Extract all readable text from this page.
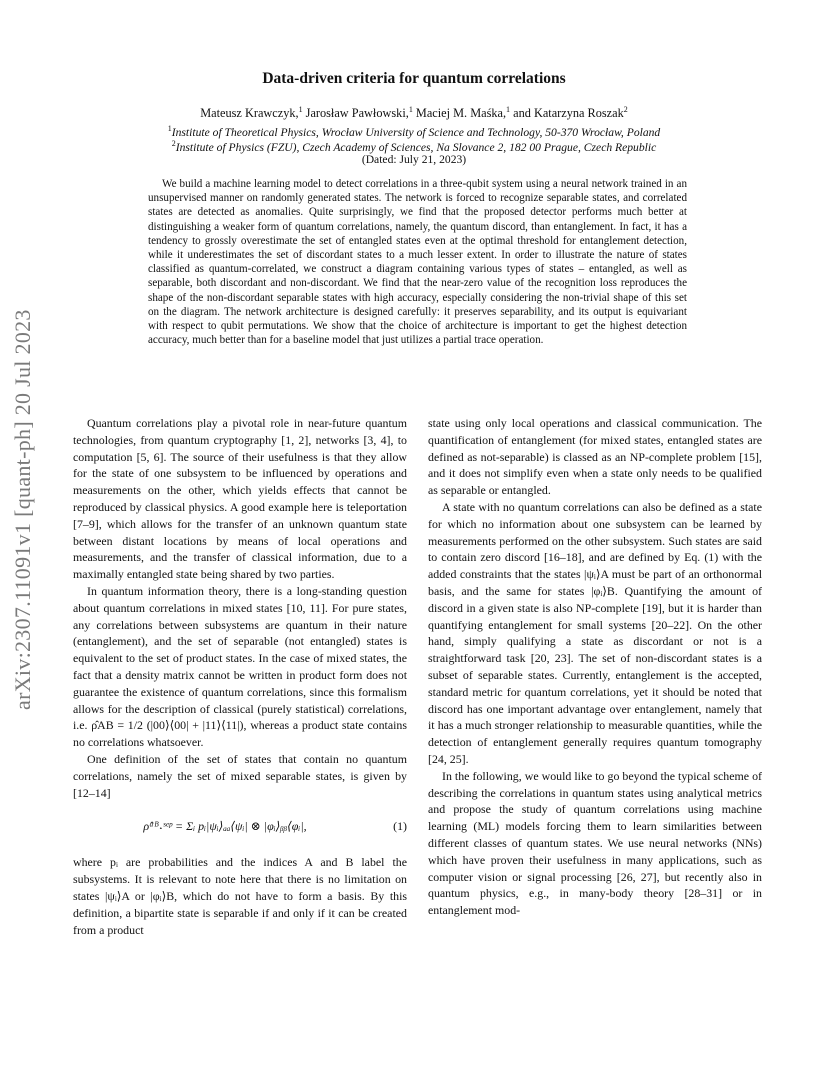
arXiv:2307.11091v1 [quant-ph] 20 Jul 2023
Data-driven criteria for quantum correlations
Mateusz Krawczyk,$^1$ Jarosław Pawłowski,$^1$ Maciej M. Maśka,$^1$ and Katarzyna Roszak$^2$
$^1$Institute of Theoretical Physics, Wrocław University of Science and Technology, 50-370 Wrocław, Poland
$^2$Institute of Physics (FZU), Czech Academy of Sciences, Na Slovance 2, 182 00 Prague, Czech Republic
(Dated: July 21, 2023)
We build a machine learning model to detect correlations in a three-qubit system using a neural network trained in an unsupervised manner on randomly generated states. The network is forced to recognize separable states, and correlated states are detected as anomalies. Quite surprisingly, we find that the proposed detector performs much better at distinguishing a weaker form of quantum correlations, namely, the quantum discord, than entanglement. In fact, it has a tendency to grossly overestimate the set of entangled states even at the optimal threshold for entanglement detection, while it underestimates the set of discordant states to a much lesser extent. In order to illustrate the nature of states classified as quantum-correlated, we construct a diagram containing various types of states – entangled, as well as separable, both discordant and non-discordant. We find that the near-zero value of the recognition loss reproduces the shape of the non-discordant separable states with high accuracy, especially considering the non-trivial shape of this set on the diagram. The network architecture is designed carefully: it preserves separability, and its output is equivariant with respect to qubit permutations. We show that the choice of architecture is important to get the highest detection accuracy, much better than for a baseline model that just utilizes a partial trace operation.

Quantum correlations play a pivotal role in near-future quantum technologies, from quantum cryptography [1, 2], networks [3, 4], to computation [5, 6]. The source of their usefulness is that they allow for the state of one subsystem to be influenced by operations and measurements on the other, which yields effects that cannot be reproduced by classical physics. A good example here is teleportation [7–9], which allows for the transfer of an unknown quantum state between distant locations by means of local operations and measurements, and the transfer of classical information, due to a maximally entangled state being shared by two parties.

In quantum information theory, there is a long-standing question about quantum correlations in mixed states [10, 11]. For pure states, any correlations between subsystems are quantum in their nature (entanglement), and the set of separable (not entangled) states is equivalent to the set of product states. In the case of mixed states, the fact that a density matrix cannot be written in product form does not guarantee the existence of quantum correlations, since this formalism allows for the description of classical (purely statistical) correlations, i.e. ρ̂AB = 1/2 (|00⟩⟨00| + |11⟩⟨11|), whereas a product state contains no correlations whatsoever.

One definition of the set of states that contain no quantum correlations, namely the set of mixed separable states, is given by [12–14]

ρ̂ᵃᴮ˖ˢᵉᵖ = Σᵢ pᵢ|ψᵢ⟩ₐₐ⟨ψᵢ| ⊗ |φᵢ⟩ᵦᵦ⟨φᵢ|,	(1)

where pᵢ are probabilities and the indices A and B label the subsystems. It is relevant to note here that there is no limitation on states |ψᵢ⟩A or |φᵢ⟩B, which do not have to form a basis. By this definition, a bipartite state is separable if and only if it can be created from a product

state using only local operations and classical communication. The quantification of entanglement (for mixed states, entangled states are defined as not-separable) is classed as an NP-complete problem [15], and it does not simplify even when a state only needs to be qualified as separable or entangled.

A state with no quantum correlations can also be defined as a state for which no information about one subsystem can be learned by measurements performed on the other subsystem. Such states are said to contain zero discord [16–18], and are defined by Eq. (1) with the added constraints that the states |ψᵢ⟩A must be part of an orthonormal basis, and the same for states |φᵢ⟩B. Quantifying the amount of discord in a given state is also NP-complete [19], but it is harder than quantifying entanglement for small systems [20–22]. On the other hand, simply qualifying a state as discordant or not is a straightforward task [20, 23]. The set of non-discordant states is a subset of separable states. Currently, entanglement is the accepted, standard metric for quantum correlations, yet it should be noted that discord has one important advantage over entanglement, namely that it has a much stronger relationship to measurable quantities, while the detection of entanglement generally requires quantum tomography [24, 25].

In the following, we would like to go beyond the typical scheme of describing the correlations in quantum states using analytical metrics and propose the study of quantum correlations using machine learning (ML) models forcing them to learn similarities between different classes of quantum states. We use neural networks (NNs) which have proven their usefulness in many applications, such as computer vision or signal processing [26, 27], but recently also in quantum physics, e.g., in many-body theory [28–31] or in entanglement mod-
